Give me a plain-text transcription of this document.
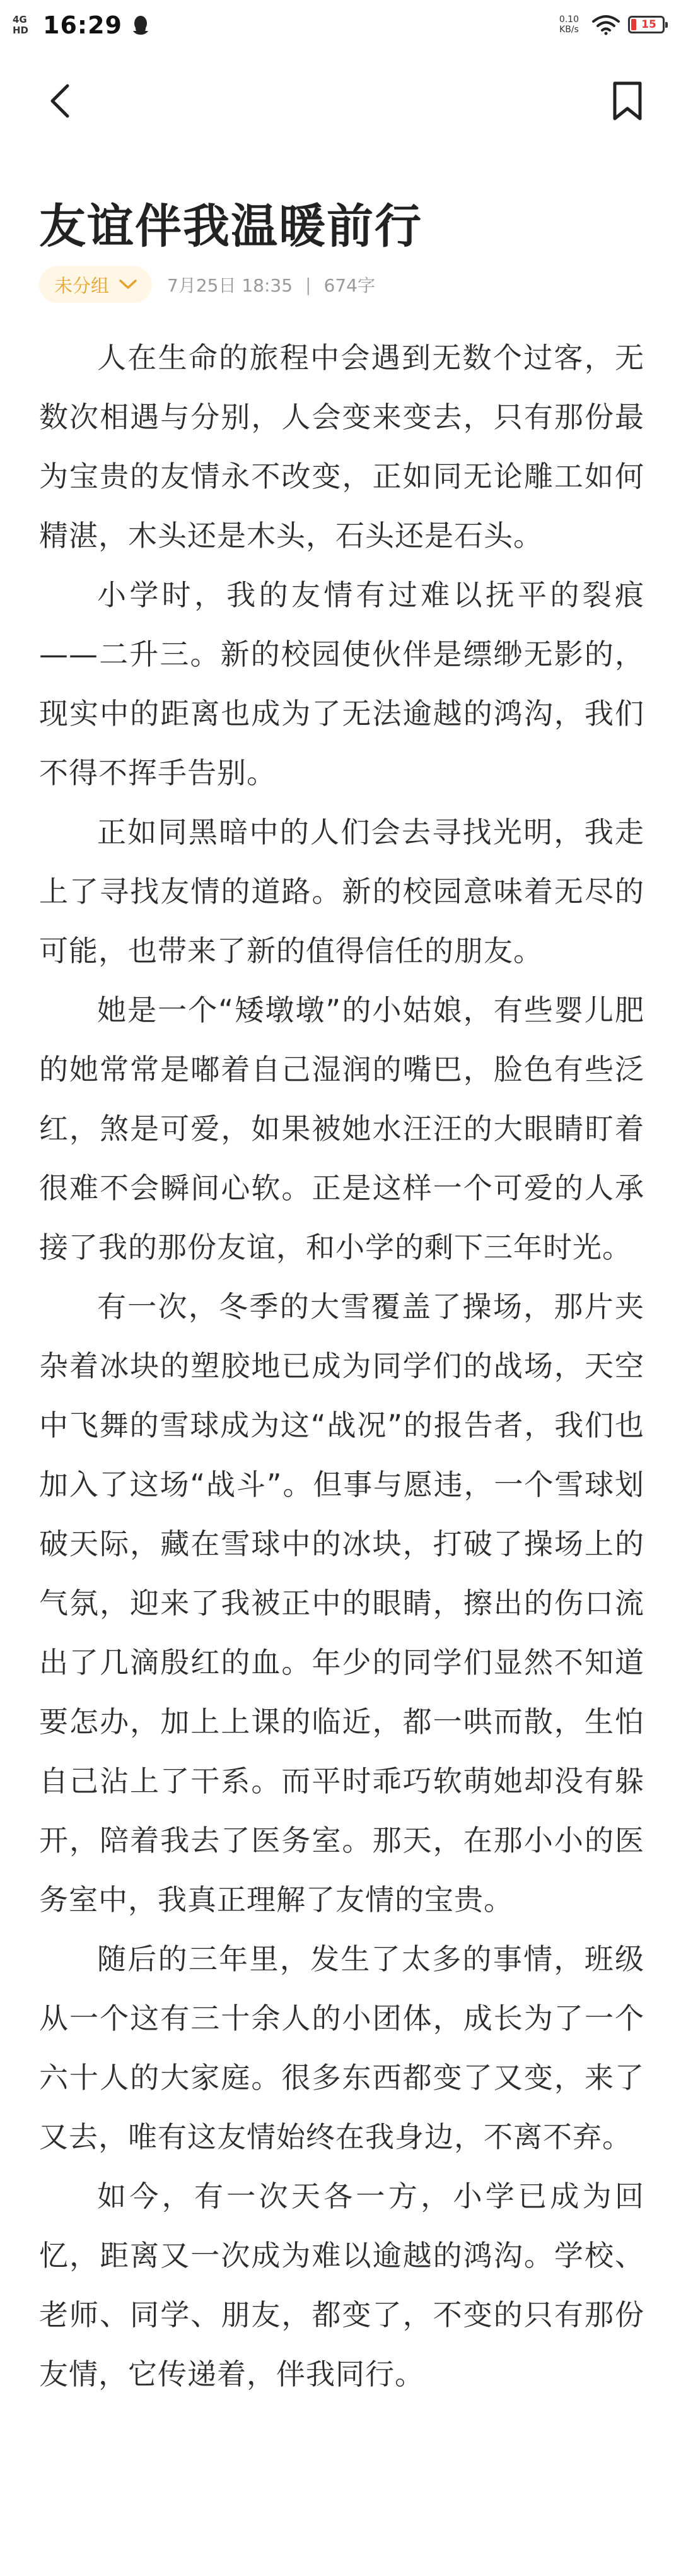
4G
HD 16:29	0.10
KB/s	15
友谊伴我温暖前行
未分组	7月25日 18:35 | 674字

人在生命的旅程中会遇到无数个过客，无数次相遇与分别，人会变来变去，只有那份最为宝贵的友情永不改变，正如同无论雕工如何精湛，木头还是木头，石头还是石头。

小学时，我的友情有过难以抚平的裂痕——二升三。新的校园使伙伴是缥缈无影的，现实中的距离也成为了无法逾越的鸿沟，我们不得不挥手告别。

正如同黑暗中的人们会去寻找光明，我走上了寻找友情的道路。新的校园意味着无尽的可能，也带来了新的值得信任的朋友。

她是一个“矮墩墩”的小姑娘，有些婴儿肥的她常常是嘟着自己湿润的嘴巴，脸色有些泛红，煞是可爱，如果被她水汪汪的大眼睛盯着很难不会瞬间心软。正是这样一个可爱的人承接了我的那份友谊，和小学的剩下三年时光。

有一次，冬季的大雪覆盖了操场，那片夹杂着冰块的塑胶地已成为同学们的战场，天空中飞舞的雪球成为这“战况”的报告者，我们也加入了这场“战斗”。但事与愿违，一个雪球划破天际，藏在雪球中的冰块，打破了操场上的气氛，迎来了我被正中的眼睛，擦出的伤口流出了几滴殷红的血。年少的同学们显然不知道要怎办，加上上课的临近，都一哄而散，生怕自己沾上了干系。而平时乖巧软萌她却没有躲开，陪着我去了医务室。那天，在那小小的医务室中，我真正理解了友情的宝贵。

随后的三年里，发生了太多的事情，班级从一个这有三十余人的小团体，成长为了一个六十人的大家庭。很多东西都变了又变，来了又去，唯有这友情始终在我身边，不离不弃。

如今，有一次天各一方，小学已成为回忆，距离又一次成为难以逾越的鸿沟。学校、老师、同学、朋友，都变了，不变的只有那份友情，它传递着，伴我同行。
